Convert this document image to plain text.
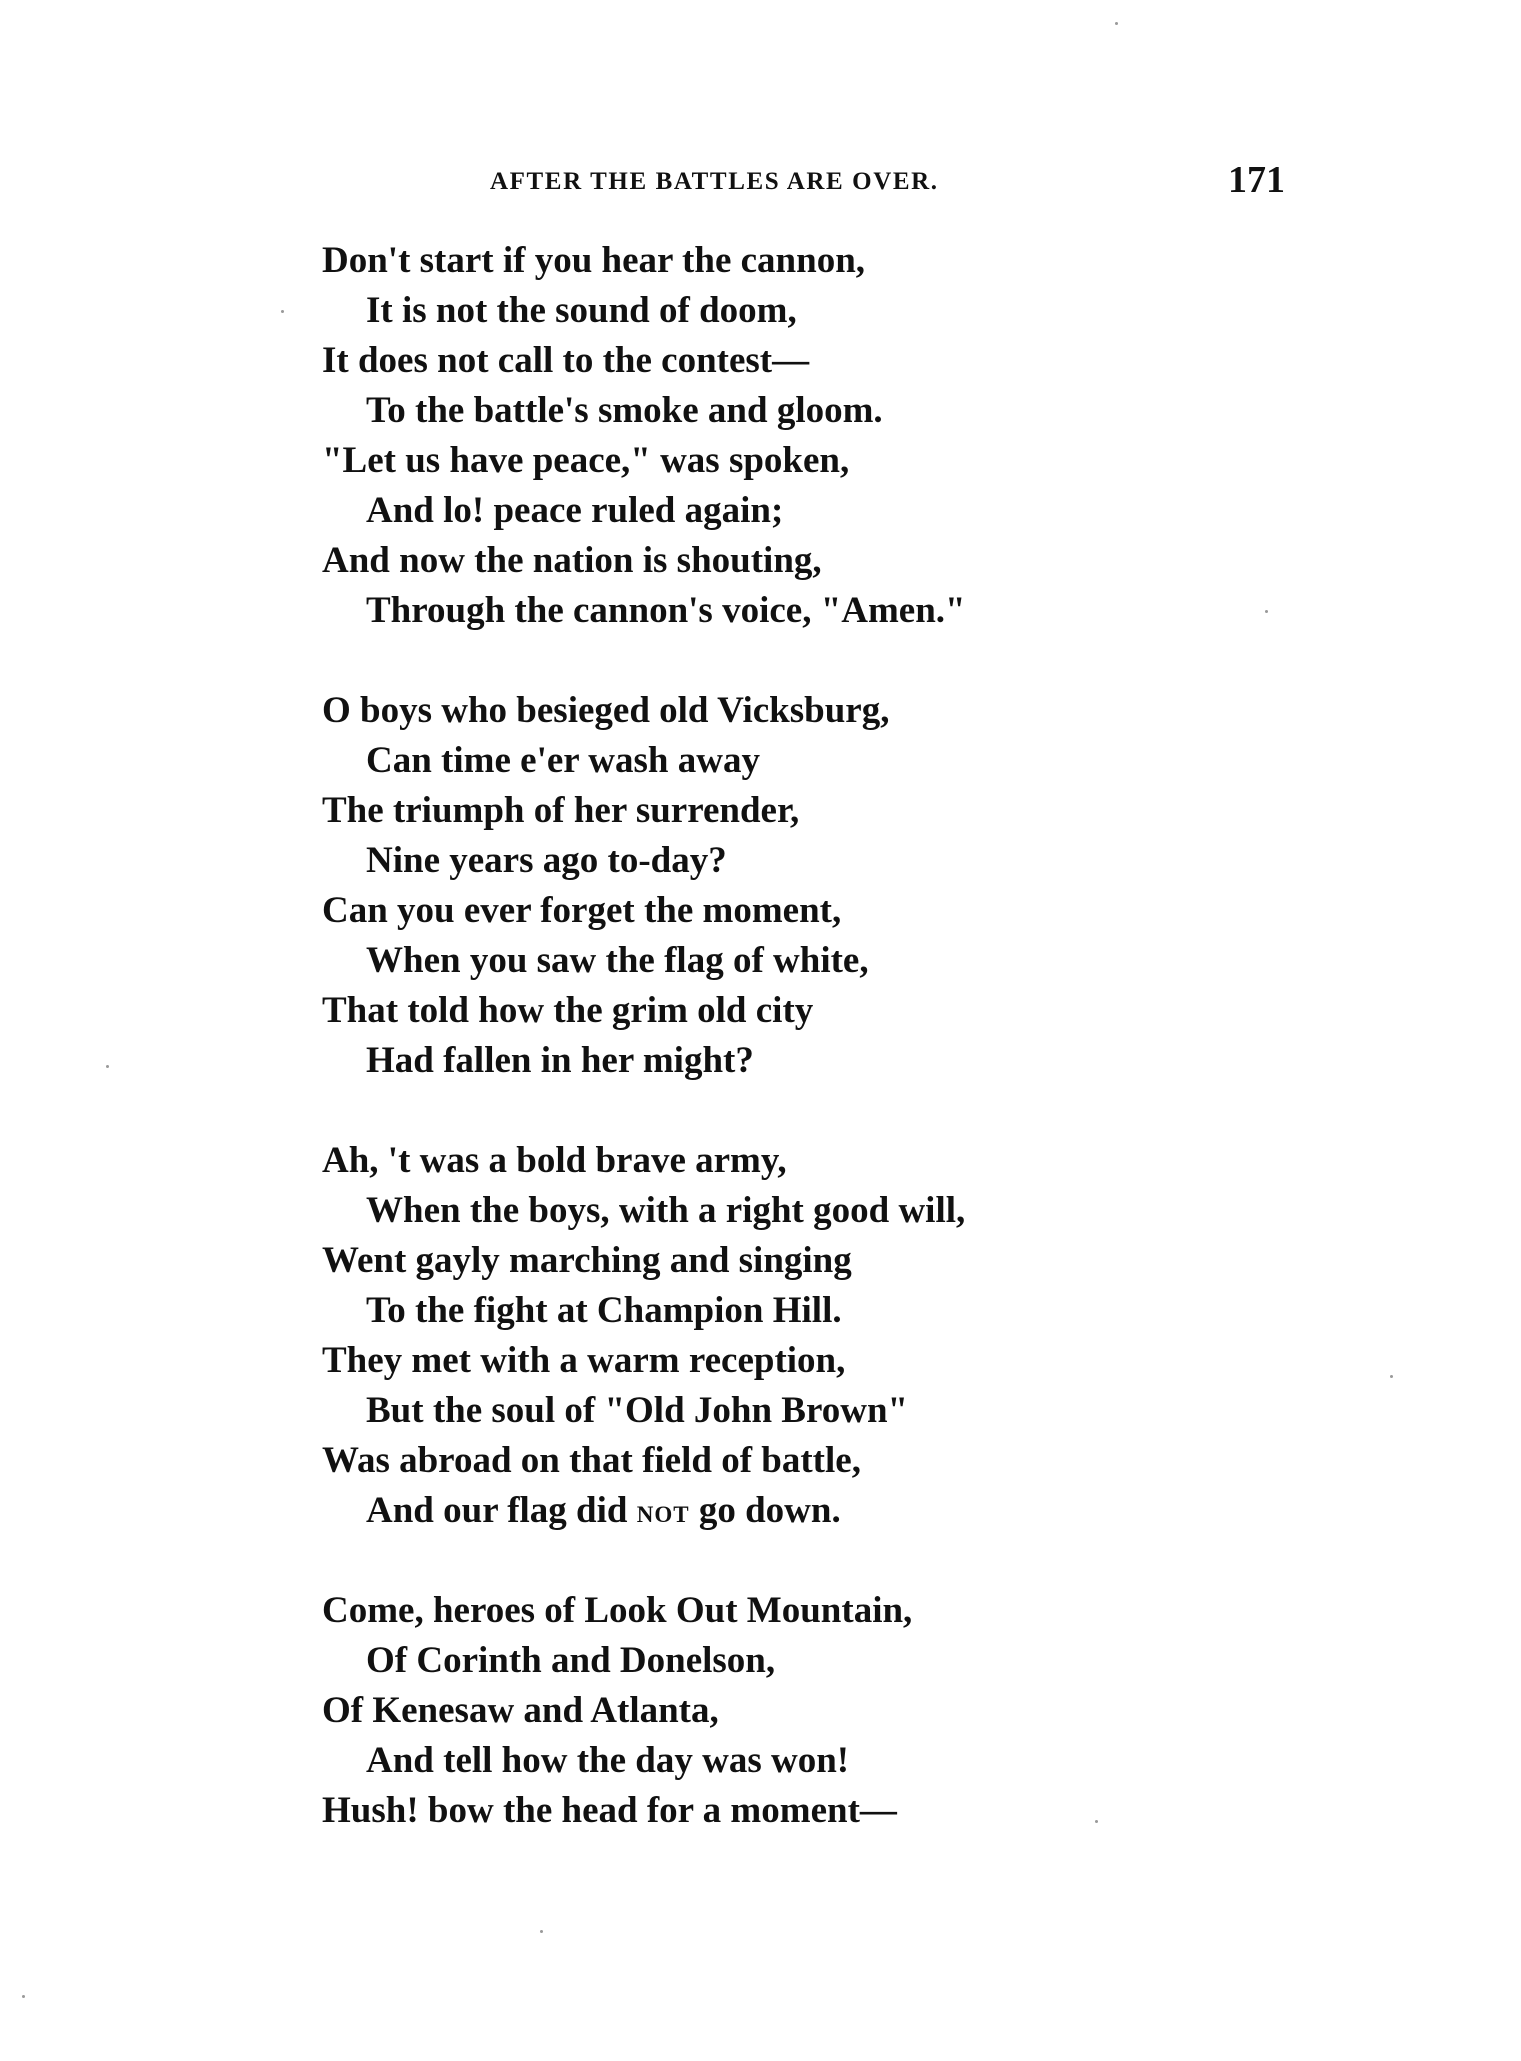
AFTER THE BATTLES ARE OVER.	171
Don't start if you hear the cannon,
It is not the sound of doom,
It does not call to the contest—
To the battle's smoke and gloom.
"Let us have peace," was spoken,
And lo! peace ruled again;
And now the nation is shouting,
Through the cannon's voice, "Amen."
O boys who besieged old Vicksburg,
Can time e'er wash away
The triumph of her surrender,
Nine years ago to-day?
Can you ever forget the moment,
When you saw the flag of white,
That told how the grim old city
Had fallen in her might?
Ah, 't was a bold brave army,
When the boys, with a right good will,
Went gayly marching and singing
To the fight at Champion Hill.
They met with a warm reception,
But the soul of "Old John Brown"
Was abroad on that field of battle,
And our flag did NOT go down.
Come, heroes of Look Out Mountain,
Of Corinth and Donelson,
Of Kenesaw and Atlanta,
And tell how the day was won!
Hush! bow the head for a moment—
